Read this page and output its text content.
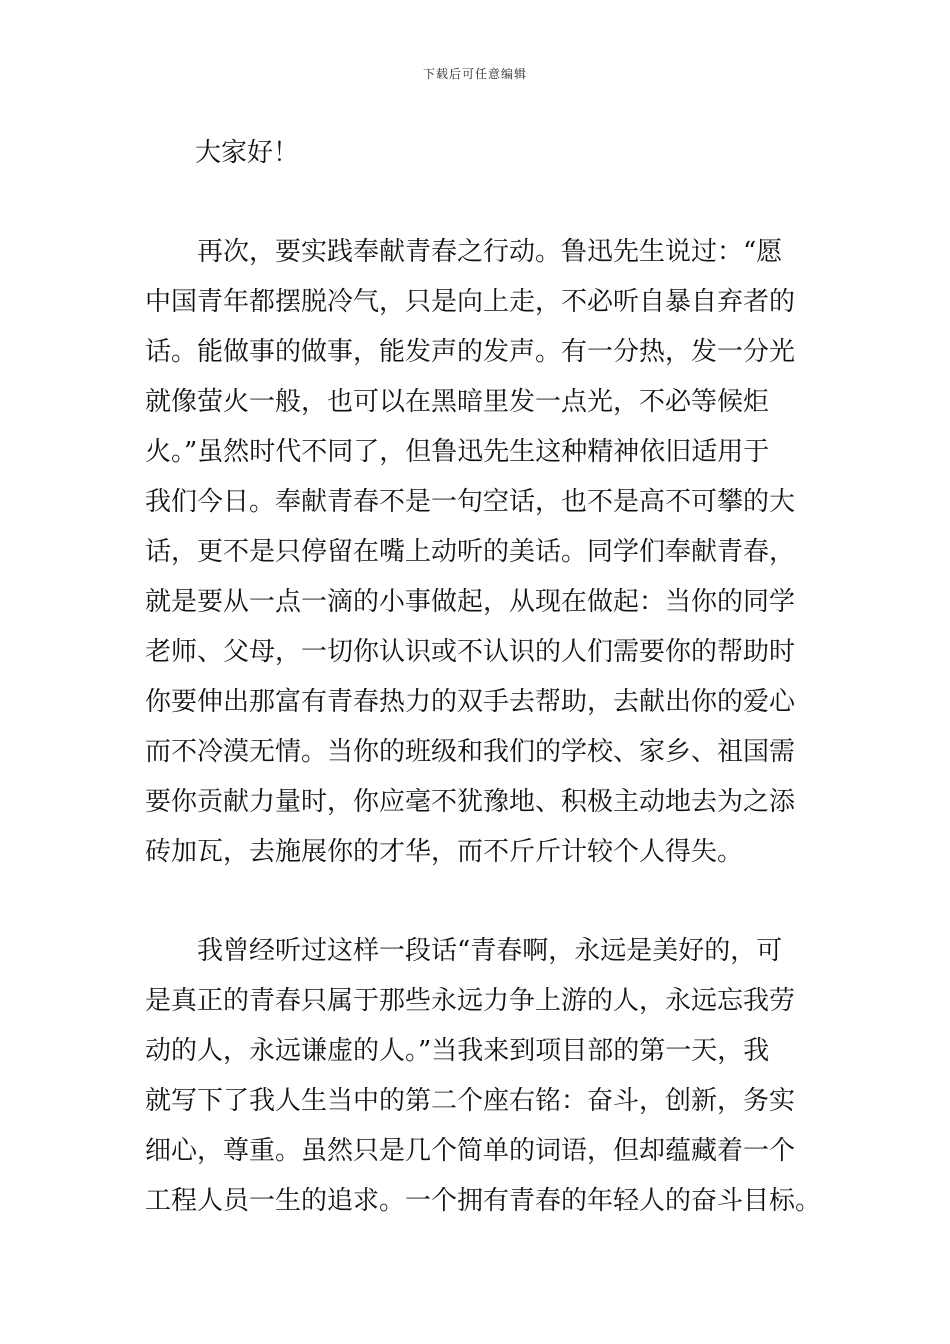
下载后可任意编辑
大家好！
再次，要实践奉献青春之行动。鲁迅先生说过：“愿
中国青年都摆脱冷气，只是向上走，不必听自暴自弃者的
话。能做事的做事，能发声的发声。有一分热，发一分光
就像萤火一般，也可以在黑暗里发一点光，不必等候炬
火。”虽然时代不同了，但鲁迅先生这种精神依旧适用于
我们今日。奉献青春不是一句空话，也不是高不可攀的大
话，更不是只停留在嘴上动听的美话。同学们奉献青春，
就是要从一点一滴的小事做起，从现在做起：当你的同学
老师、父母，一切你认识或不认识的人们需要你的帮助时
你要伸出那富有青春热力的双手去帮助，去献出你的爱心
而不冷漠无情。当你的班级和我们的学校、家乡、祖国需
要你贡献力量时，你应毫不犹豫地、积极主动地去为之添
砖加瓦，去施展你的才华，而不斤斤计较个人得失。
我曾经听过这样一段话“青春啊，永远是美好的，可
是真正的青春只属于那些永远力争上游的人，永远忘我劳
动的人，永远谦虚的人。”当我来到项目部的第一天，我
就写下了我人生当中的第二个座右铭：奋斗，创新，务实
细心，尊重。虽然只是几个简单的词语，但却蕴藏着一个
工程人员一生的追求。一个拥有青春的年轻人的奋斗目标。
